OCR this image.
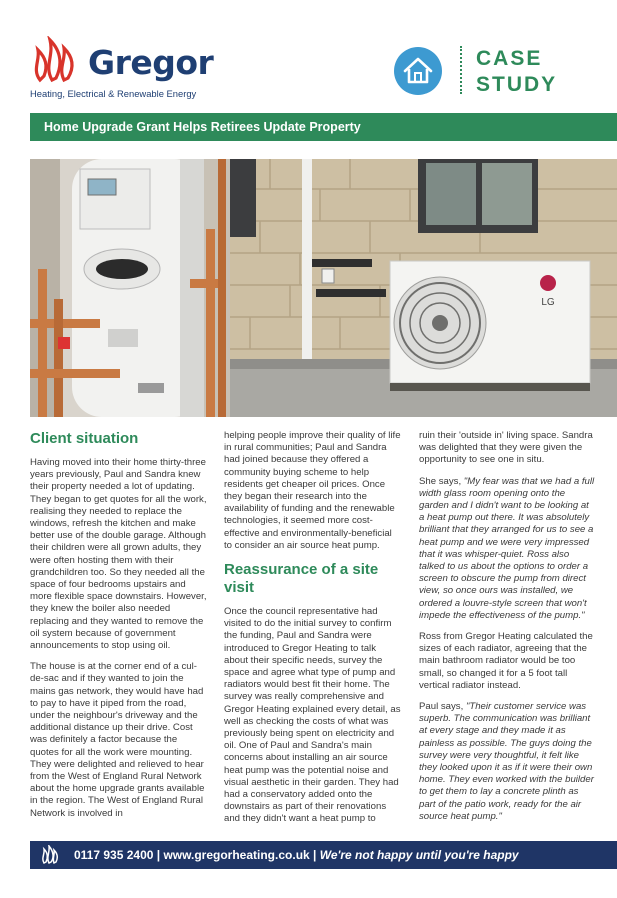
Gregor
Heating, Electrical & Renewable Energy
CASE
STUDY
Home Upgrade Grant Helps Retirees Update Property
LG
Client situation

Having moved into their home thirty-three years previously, Paul and Sandra knew their property needed a lot of updating. They began to get quotes for all the work, realising they needed to replace the windows, refresh the kitchen and make better use of the double garage. Although their children were all grown adults, they were often hosting them with their grandchildren too. So they needed all the space of four bedrooms upstairs and more flexible space downstairs. However, they knew the boiler also needed replacing and they wanted to remove the oil system because of government announcements to stop using oil.

The house is at the corner end of a cul-de-sac and if they wanted to join the mains gas network, they would have had to pay to have it piped from the road, under the neighbour's driveway and the additional distance up their drive. Cost was definitely a factor because the quotes for all the work were mounting. They were delighted and relieved to hear from the West of England Rural Network about the home upgrade grants available in the region. The West of England Rural Network is involved in

helping people improve their quality of life in rural communities; Paul and Sandra had joined because they offered a community buying scheme to help residents get cheaper oil prices. Once they began their research into the availability of funding and the renewable technologies, it seemed more cost-effective and environmentally-beneficial to consider an air source heat pump.

Reassurance of a site visit

Once the council representative had visited to do the initial survey to confirm the funding, Paul and Sandra were introduced to Gregor Heating to talk about their specific needs, survey the space and agree what type of pump and radiators would best fit their home. The survey was really comprehensive and Gregor Heating explained every detail, as well as checking the costs of what was previously being spent on electricity and oil. One of Paul and Sandra's main concerns about installing an air source heat pump was the potential noise and visual aesthetic in their garden. They had had a conservatory added onto the downstairs as part of their renovations and they didn't want a heat pump to

ruin their 'outside in' living space. Sandra was delighted that they were given the opportunity to see one in situ.

She says, "My fear was that we had a full width glass room opening onto the garden and I didn't want to be looking at a heat pump out there. It was absolutely brilliant that they arranged for us to see a heat pump and we were very impressed that it was whisper-quiet. Ross also talked to us about the options to order a screen to obscure the pump from direct view, so once ours was installed, we ordered a louvre-style screen that won't impede the effectiveness of the pump."

Ross from Gregor Heating calculated the sizes of each radiator, agreeing that the main bathroom radiator would be too small, so changed it for a 5 foot tall vertical radiator instead.

Paul says, "Their customer service was superb. The communication was brilliant at every stage and they made it as painless as possible. The guys doing the survey were very thoughtful, it felt like they looked upon it as if it were their own home. They even worked with the builder to get them to lay a concrete plinth as part of the patio work, ready for the air source heat pump."

0117 935 2400 | www.gregorheating.co.uk | We're not happy until you're happy
